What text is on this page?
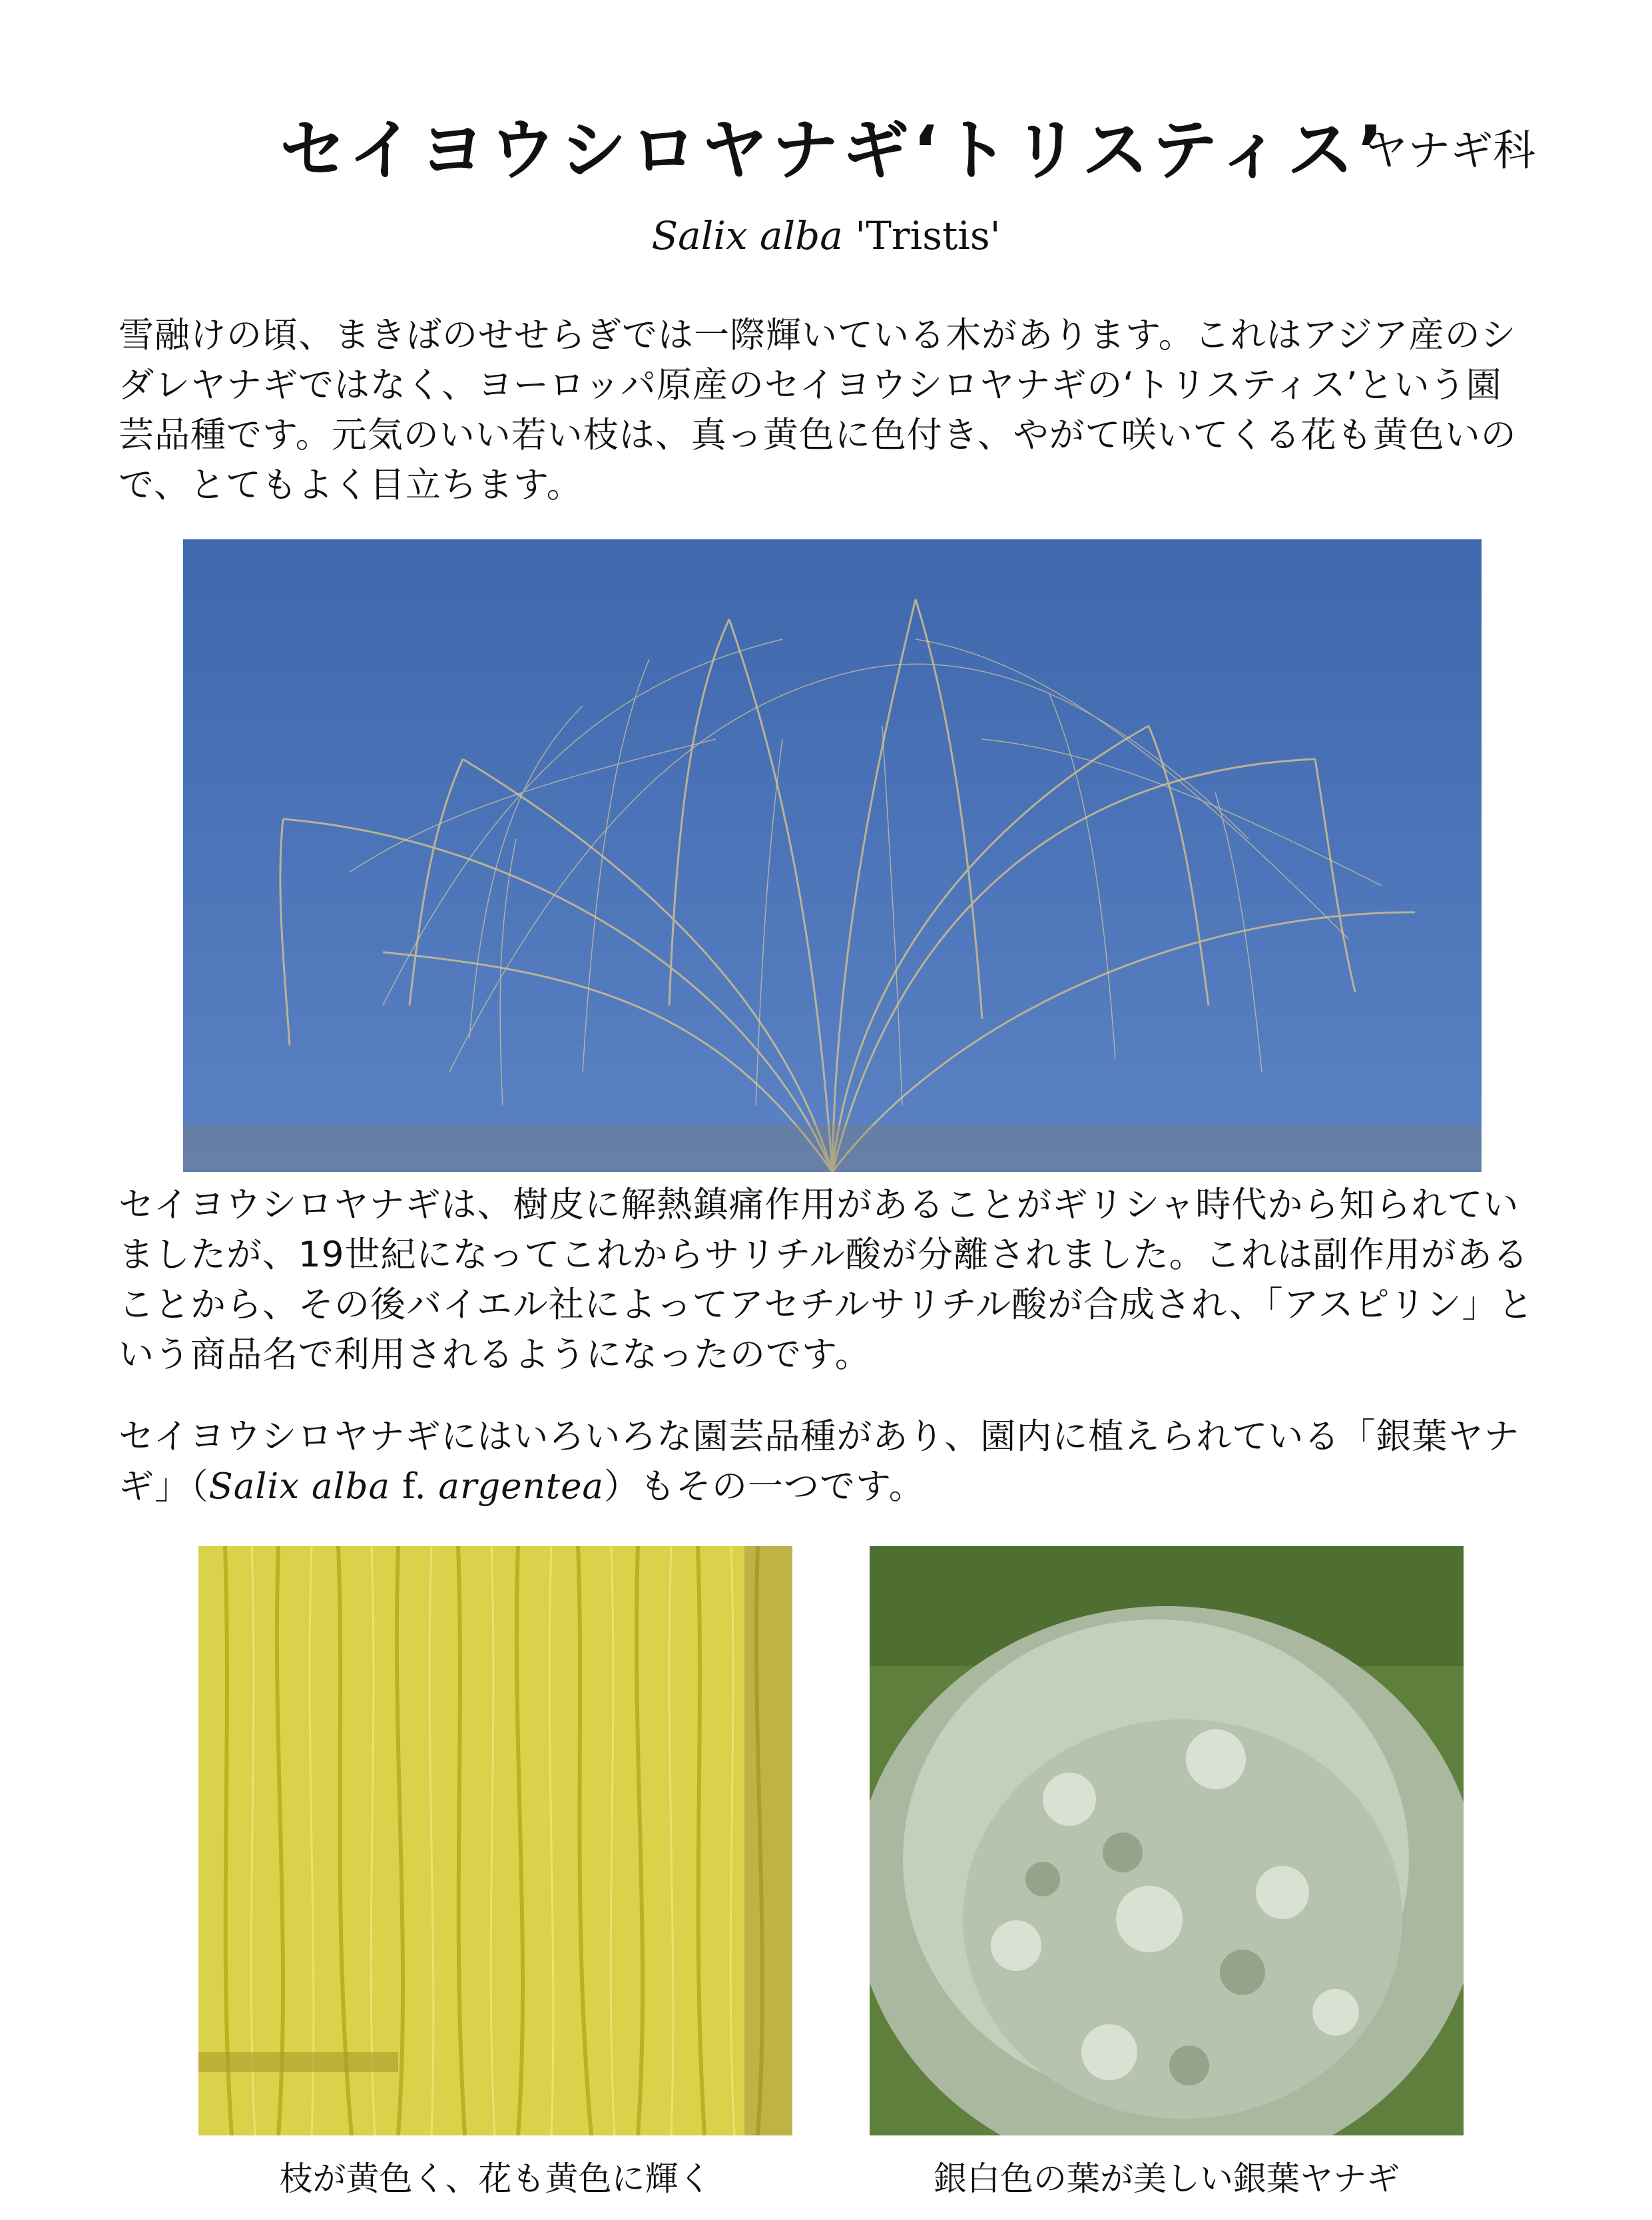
セイヨウシロヤナギ‘トリスティス’
ヤナギ科
Salix alba 'Tristis'
雪融けの頃、まきばのせせらぎでは一際輝いている木があります。これはアジア産のシダレヤナギではなく、ヨーロッパ原産のセイヨウシロヤナギの‘トリスティス’という園芸品種です。元気のいい若い枝は、真っ黄色に色付き、やがて咲いてくる花も黄色いので、とてもよく目立ちます。
セイヨウシロヤナギは、樹皮に解熱鎮痛作用があることがギリシャ時代から知られていましたが、19世紀になってこれからサリチル酸が分離されました。これは副作用があることから、その後バイエル社によってアセチルサリチル酸が合成され、「アスピリン」という商品名で利用されるようになったのです。
セイヨウシロヤナギにはいろいろな園芸品種があり、園内に植えられている「銀葉ヤナギ」（Salix alba f. argentea）もその一つです。
枝が黄色く、花も黄色に輝く	銀白色の葉が美しい銀葉ヤナギ
